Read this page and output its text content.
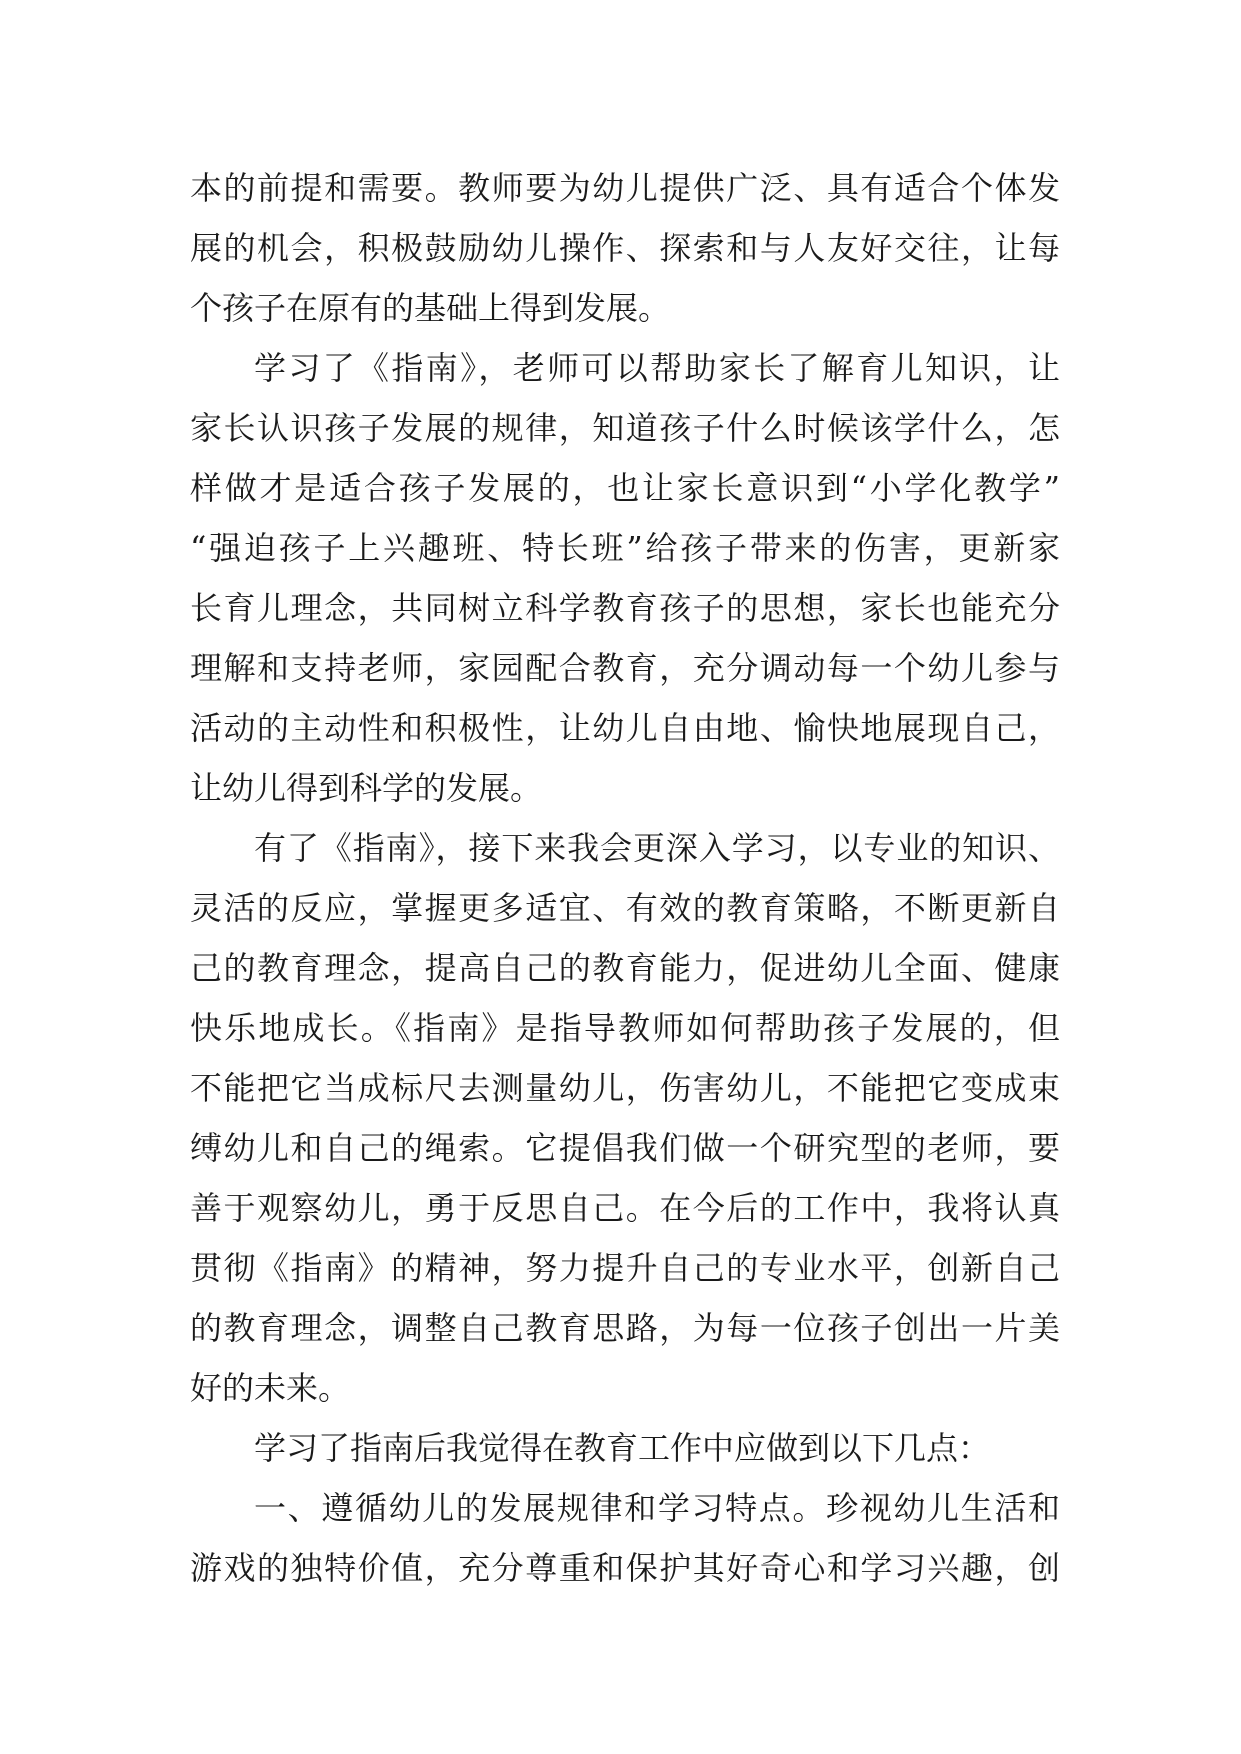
本的前提和需要。教师要为幼儿提供广泛、具有适合个体发
展的机会，积极鼓励幼儿操作、探索和与人友好交往，让每
个孩子在原有的基础上得到发展。
学习了《指南》，老师可以帮助家长了解育儿知识，让
家长认识孩子发展的规律，知道孩子什么时候该学什么，怎
样做才是适合孩子发展的，也让家长意识到“小学化教学”
“强迫孩子上兴趣班、特长班”给孩子带来的伤害，更新家
长育儿理念，共同树立科学教育孩子的思想，家长也能充分
理解和支持老师，家园配合教育，充分调动每一个幼儿参与
活动的主动性和积极性，让幼儿自由地、愉快地展现自己，
让幼儿得到科学的发展。
有了《指南》，接下来我会更深入学习，以专业的知识、
灵活的反应，掌握更多适宜、有效的教育策略，不断更新自
己的教育理念，提高自己的教育能力，促进幼儿全面、健康
快乐地成长。《指南》是指导教师如何帮助孩子发展的，但
不能把它当成标尺去测量幼儿，伤害幼儿，不能把它变成束
缚幼儿和自己的绳索。它提倡我们做一个研究型的老师，要
善于观察幼儿，勇于反思自己。在今后的工作中，我将认真
贯彻《指南》的精神，努力提升自己的专业水平，创新自己
的教育理念，调整自己教育思路，为每一位孩子创出一片美
好的未来。
学习了指南后我觉得在教育工作中应做到以下几点：
一、遵循幼儿的发展规律和学习特点。珍视幼儿生活和
游戏的独特价值，充分尊重和保护其好奇心和学习兴趣，创
